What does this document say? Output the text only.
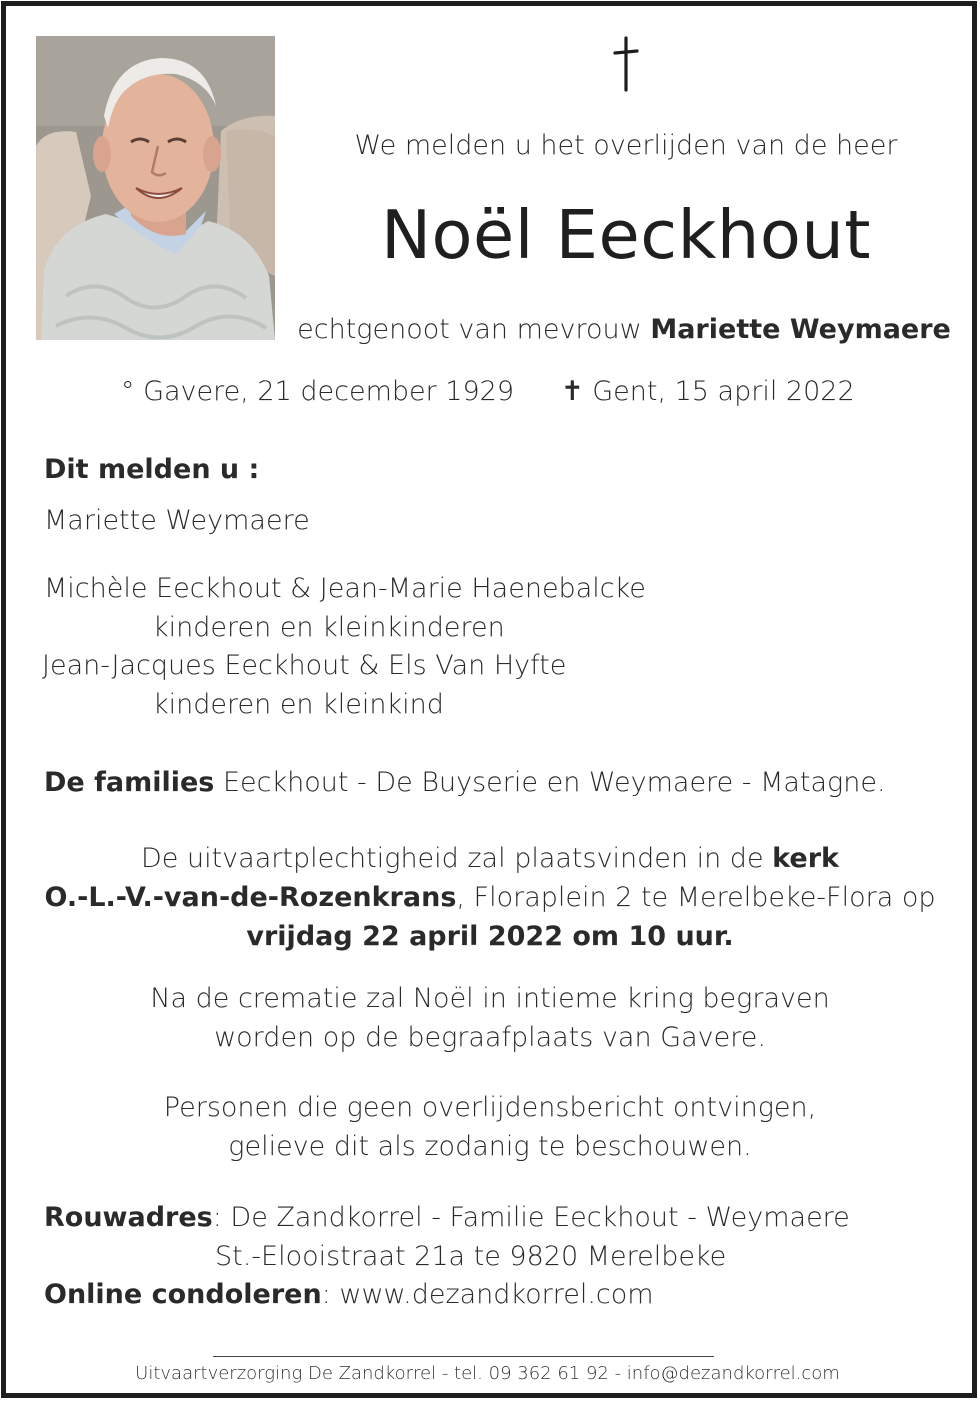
We melden u het overlijden van de heer
Noël Eeckhout
echtgenoot van mevrouw Mariette Weymaere
° Gavere, 21 december 1929 ✝ Gent, 15 april 2022
Dit melden u :
Mariette Weymaere
Michèle Eeckhout & Jean-Marie Haenebalcke
kinderen en kleinkinderen
Jean-Jacques Eeckhout & Els Van Hyfte
kinderen en kleinkind
De families Eeckhout - De Buyserie en Weymaere - Matagne.
De uitvaartplechtigheid zal plaatsvinden in de kerk
O.-L.-V.-van-de-Rozenkrans, Floraplein 2 te Merelbeke-Flora op
vrijdag 22 april 2022 om 10 uur.
Na de crematie zal Noël in intieme kring begraven
worden op de begraafplaats van Gavere.
Personen die geen overlijdensbericht ontvingen,
gelieve dit als zodanig te beschouwen.
Rouwadres: De Zandkorrel - Familie Eeckhout - Weymaere
St.-Elooistraat 21a te 9820 Merelbeke
Online condoleren: www.dezandkorrel.com
Uitvaartverzorging De Zandkorrel - tel. 09 362 61 92 - info@dezandkorrel.com
